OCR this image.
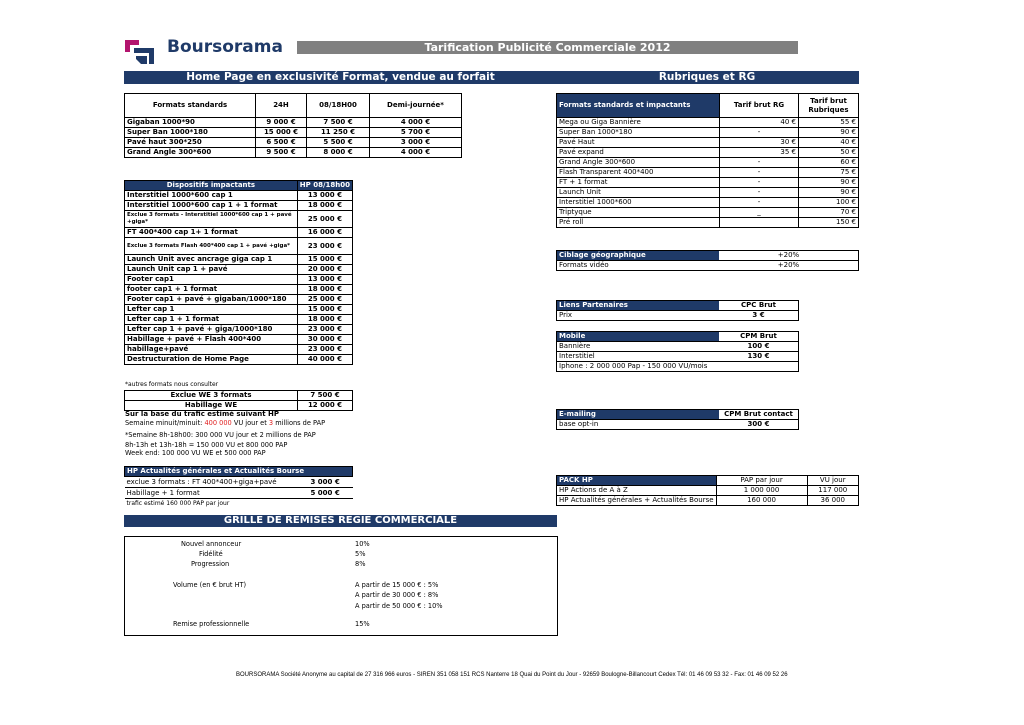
Boursorama	Tarification Publicité Commerciale 2012
Home Page en exclusivité Format, vendue au forfait	Rubriques et RG
Formats standards	24H	08/18H00	Demi-journée*
Gigaban 1000*90	9 000 €	7 500 €	4 000 €
Super Ban 1000*180	15 000 €	11 250 €	5 700 €
Pavé haut 300*250	6 500 €	5 500 €	3 000 €
Grand Angle 300*600	9 500 €	8 000 €	4 000 €
Dispositifs impactants	HP 08/18h00
Interstitiel 1000*600 cap 1	13 000 €
Interstitiel 1000*600 cap 1 + 1 format	18 000 €
Exclue 3 formats - Interstitiel 1000*600 cap 1 + pavé +giga*	25 000 €
FT 400*400 cap 1+ 1 format	16 000 €
Exclue 3 formats Flash 400*400 cap 1 + pavé +giga*	23 000 €
Launch Unit avec ancrage giga cap 1	15 000 €
Launch Unit cap 1 + pavé	20 000 €
Footer cap1	13 000 €
footer cap1 + 1 format	18 000 €
Footer cap1 + pavé + gigaban/1000*180	25 000 €
Lefter cap 1	15 000 €
Lefter cap 1 + 1 format	18 000 €
Lefter cap 1 + pavé + giga/1000*180	23 000 €
Habillage + pavé + Flash 400*400	30 000 €
habillage+pavé	23 000 €
Destructuration de Home Page	40 000 €
*autres formats nous consulter
Exclue WE 3 formats	7 500 €
Habillage WE	12 000 €
Sur la base du trafic estimé suivant HP
Semaine minuit/minuit: 400 000 VU jour et 3 millions de PAP
*Semaine 8h-18h00: 300 000 VU jour et 2 millions de PAP
8h-13h et 13h-18h = 150 000 VU et 800 000 PAP
Week end: 100 000 VU WE et 500 000 PAP
HP Actualités générales et Actualités Bourse	
exclue 3 formats : FT 400*400+giga+pavé	3 000 €
Habillage + 1 format	5 000 €
trafic estimé 160 000 PAP par jour	
GRILLE DE REMISES REGIE COMMERCIALE
Nouvel annonceur	10%
Fidélité	5%
Progression	8%
Volume (en € brut HT)	A partir de 15 000 € : 5%
A partir de 30 000 € : 8%
A partir de 50 000 € : 10%
Remise professionnelle	15%
Formats standards et impactants	Tarif brut RG	Tarif brut Rubriques
Mega ou Giga Bannière	40 €	55 €
Super Ban 1000*180	-	90 €
Pavé Haut	30 €	40 €
Pavé expand	35 €	50 €
Grand Angle 300*600	-	60 €
Flash Transparent 400*400	-	75 €
FT + 1 format	-	90 €
Launch Unit	-	90 €
Interstitiel 1000*600	-	100 €
Triptyque	_	70 €
Pré roll		150 €
Ciblage géographique	+20%
Formats vidéo	+20%
Liens Partenaires	CPC Brut
Prix	3 €
Mobile	CPM Brut
Bannière	100 €
Interstitiel	130 €
Iphone : 2 000 000 Pap - 150 000 VU/mois	
E-mailing	CPM Brut contact
base opt-in	300 €
PACK HP	PAP par jour	VU jour
HP Actions de A à Z	1 000 000	117 000
HP Actualités générales + Actualités Bourse	160 000	36 000
BOURSORAMA Société Anonyme au capital de 27 316 966 euros - SIREN 351 058 151 RCS Nanterre 18 Quai du Point du Jour - 92659 Boulogne-Billancourt Cedex Tél: 01 46 09 53 32 - Fax: 01 46 09 52 26
